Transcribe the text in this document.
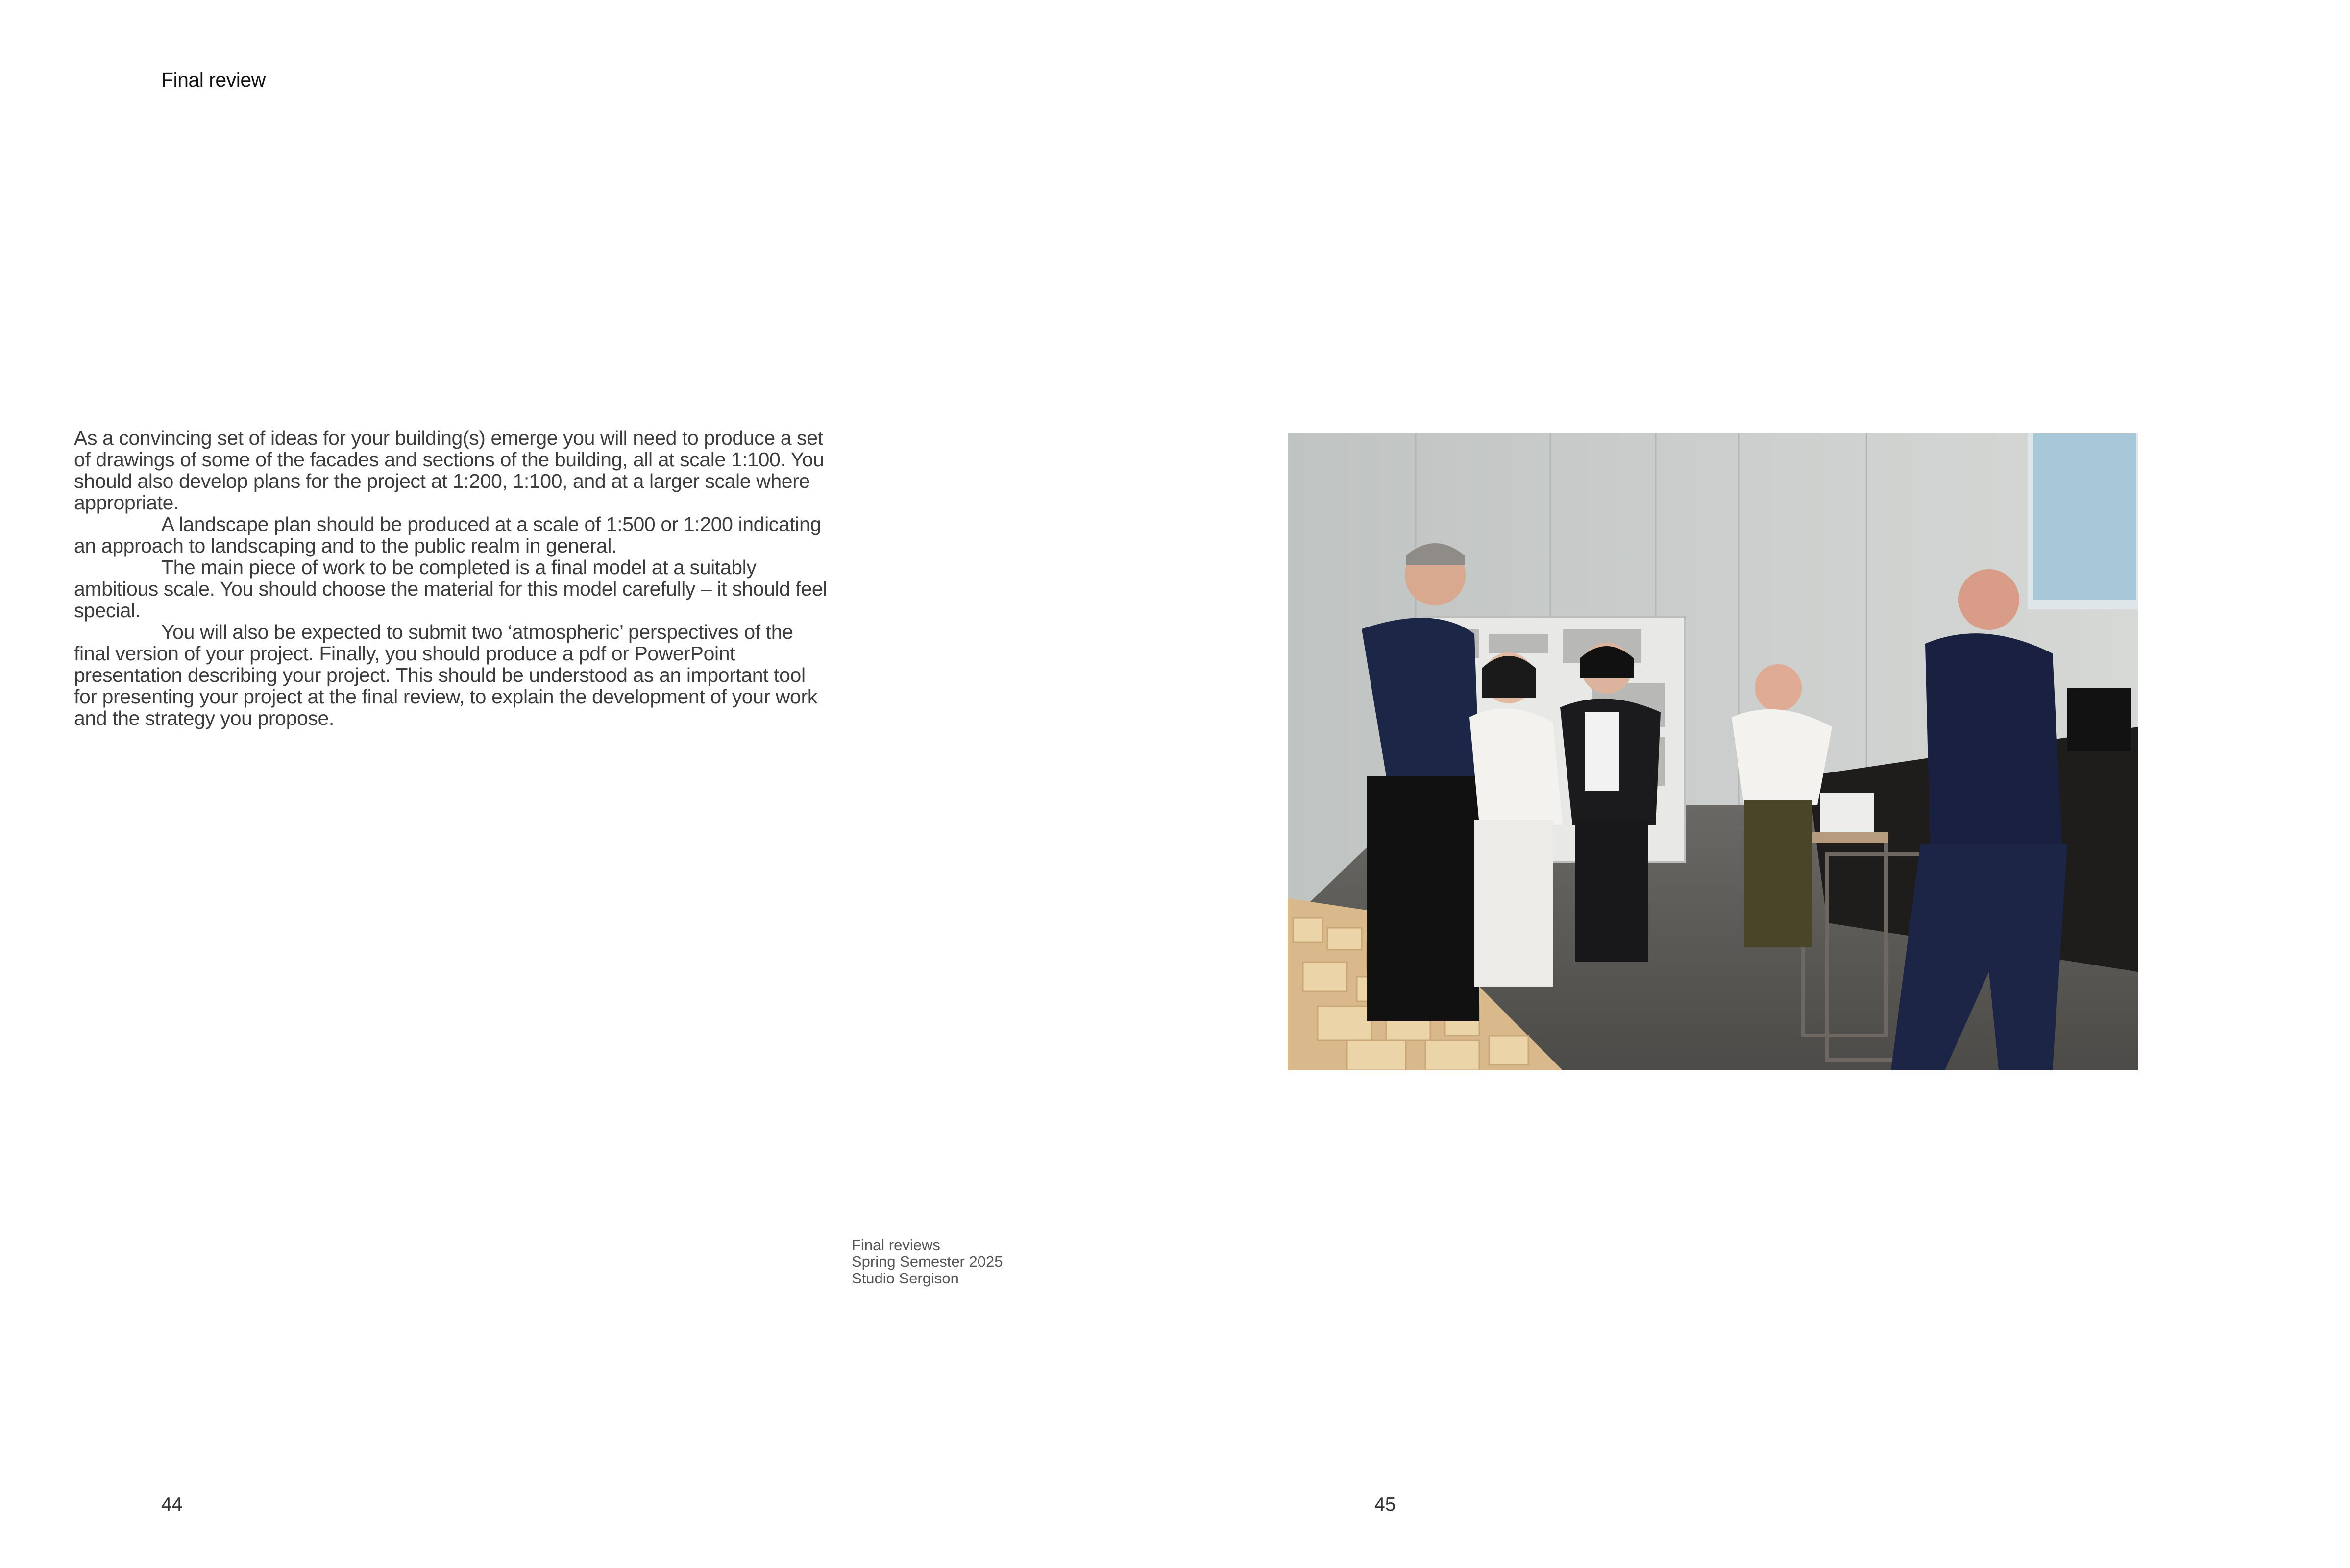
Final review

As a convincing set of ideas for your building(s) emerge you will need to produce a set of drawings of some of the facades and sections of the building, all at scale 1:100. You should also develop plans for the project at 1:200, 1:100, and at a larger scale where appropriate.

A landscape plan should be produced at a scale of 1:500 or 1:200 indicating an approach to landscaping and to the public realm in general.

The main piece of work to be completed is a final model at a suitably ambitious scale. You should choose the material for this model carefully – it should feel special.

You will also be expected to submit two ‘atmospheric’ perspectives of the final version of your project. Finally, you should produce a pdf or PowerPoint presentation describing your project. This should be understood as an important tool for presenting your project at the final review, to explain the development of your work and the strategy you propose.

Final reviews
Spring Semester 2025
Studio Sergison
44	45
